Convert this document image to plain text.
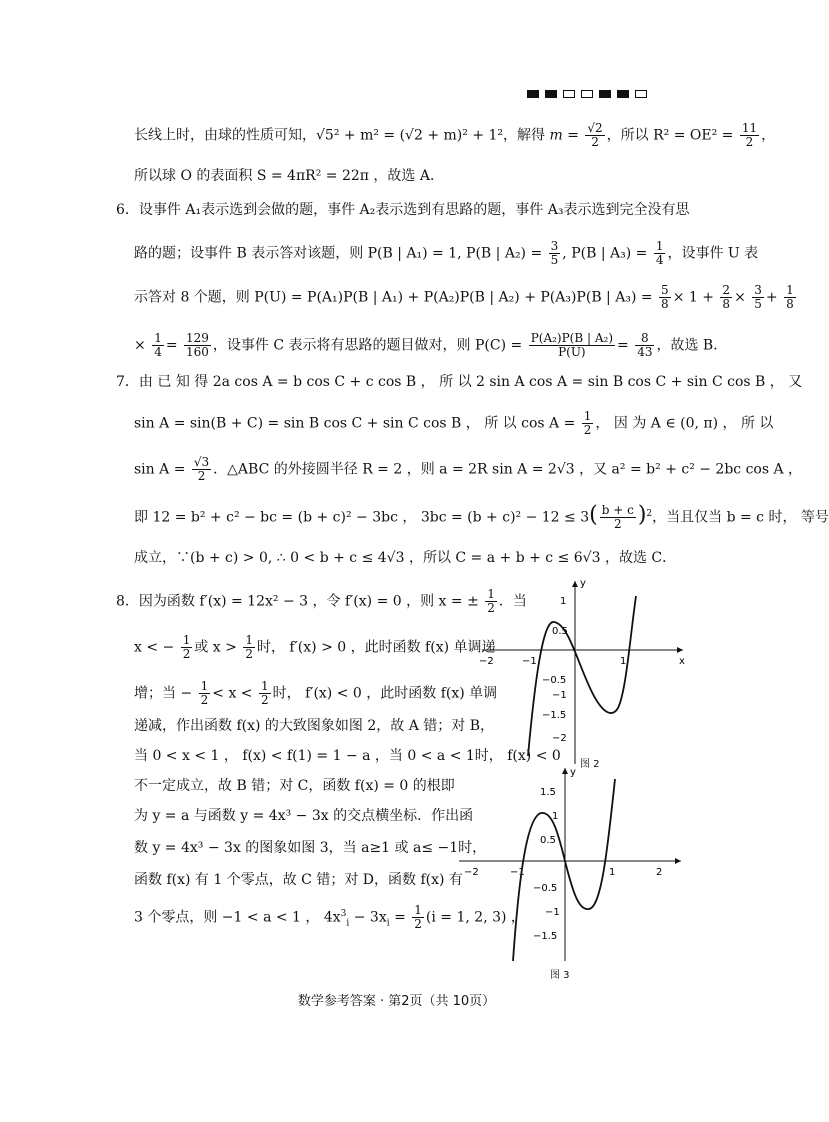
长线上时，由球的性质可知，√5² + m² = (√2 + m)² + 1²，解得 $m = \frac{√2}{2}$ ，所以 $R^2 = OE^2 = \frac{11}{2}$ ，
所以球 O 的表面积 S = 4πR² = 22π ，故选 A．
6．设事件 A₁表示选到会做的题，事件 A₂表示选到有思路的题，事件 A₃表示选到完全没有思
路的题；设事件 B 表示答对该题，则 P(B | A₁) = 1, P(B | $A_2) = \frac{3}{5}$ , P(B | $A_3) = \frac{1}{4}$ ，设事件 U 表
示答对 8 个题，则 P(U) = P(A₁)P(B | A₁) + P(A₂)P(B | A₂) + P(A₃)P(B | $A_3) = \frac{5}{8} \times 1 + \frac{2}{8} \times \frac{3}{5} + \frac{1}{8}$
× $\frac{1}{4} = \frac{129}{160}$ ，设事件 C 表示将有思路的题目做对，则 $P(C) = \frac{\text{P(A₂)P(B | A₂)}}{P(U)} = \frac{8}{43}$ ，故选 B．
7．由 已 知 得 2a cos A = b cos C + c cos B ， 所 以 2 sin A cos A = sin B cos C + sin C cos B ， 又
sin A = sin(B + C) = sin B cos C + sin C cos B ， 所 以 $\cos A = \frac{1}{2}$ ， 因 为 A ∈ (0, π) ， 所 以
$\sin A = \frac{√3}{2}$ ．△ABC 的外接圆半径 R = 2 ，则 a = 2R sin A = 2√3 ，又 a² = b² + c² − 2bc cos A ，
即 12 = b² + c² − bc = (b + c)² − 3bc ， $3bc = (b + c)^2 - 12 \le 3( \frac{b + c}{2} )^2$，当且仅当 b = c 时， 等号
成立，∵(b + c) > 0, ∴ 0 < b + c ≤ 4√3 ，所以 C = a + b + c ≤ 6√3 ，故选 C．
8．因为函数 f′(x) = 12x² − 3 ，令 f′(x) = 0 ，则 x = ± $\frac{1}{2}$ ．当
x < − $\frac{1}{2}$ 或 $x > \frac{1}{2}$ 时， f′(x) > 0 ，此时函数 f(x) 单调递
增；当 − $\frac{1}{2} < x < \frac{1}{2}$ 时， f′(x) < 0 ，此时函数 f(x) 单调
递减，作出函数 f(x) 的大致图象如图 2，故 A 错；对 B，
当 0 < x < 1 ， f(x) < f(1) = 1 − a ，当 0 < a < 1时， f(x) < 0
不一定成立，故 B 错；对 C，函数 f(x) = 0 的根即
为 y = a 与函数 y = 4x³ − 3x 的交点横坐标．作出函
数 y = 4x³ − 3x 的图象如图 3，当 a≥1 或 a≤ −1时，
函数 f(x) 有 1 个零点，故 C 错；对 D，函数 f(x) 有
3 个零点，则 −1 < a < 1 ， $4x^3_i - 3x_i = \frac{1}{2} (i = 1$, 2, 3) ，
x
y
−2	−1	1
1
0.5
−0.5
−1
−1.5
−2
图 2
y
−2	−1	1	2
1.5
1
0.5
−0.5
−1
−1.5
图 3
数学参考答案 · 第2页（共 10页）
